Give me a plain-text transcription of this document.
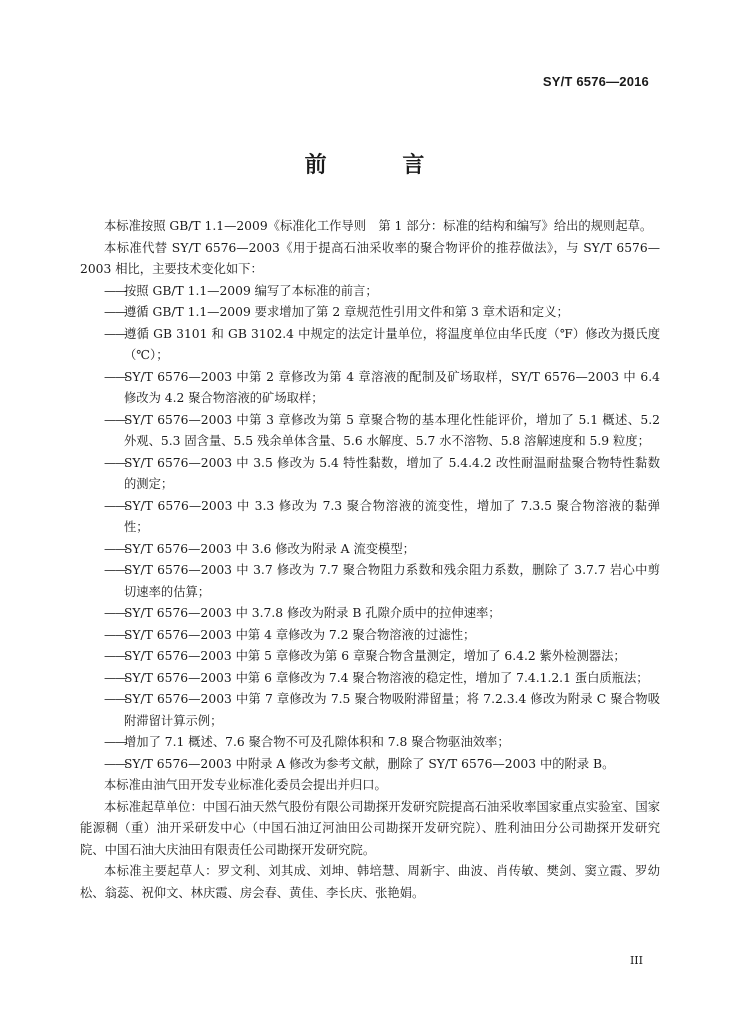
SY/T 6576—2016
前 言

本标准按照 GB/T 1.1—2009《标准化工作导则　第 1 部分：标准的结构和编写》给出的规则起草。

本标准代替 SY/T 6576—2003《用于提高石油采收率的聚合物评价的推荐做法》，与 SY/T 6576—2003 相比，主要技术变化如下：

——按照 GB/T 1.1—2009 编写了本标准的前言；

——遵循 GB/T 1.1—2009 要求增加了第 2 章规范性引用文件和第 3 章术语和定义；

——遵循 GB 3101 和 GB 3102.4 中规定的法定计量单位，将温度单位由华氏度（℉）修改为摄氏度（℃）；

——SY/T 6576—2003 中第 2 章修改为第 4 章溶液的配制及矿场取样，SY/T 6576—2003 中 6.4 修改为 4.2 聚合物溶液的矿场取样；

——SY/T 6576—2003 中第 3 章修改为第 5 章聚合物的基本理化性能评价，增加了 5.1 概述、5.2 外观、5.3 固含量、5.5 残余单体含量、5.6 水解度、5.7 水不溶物、5.8 溶解速度和 5.9 粒度；

——SY/T 6576—2003 中 3.5 修改为 5.4 特性黏数，增加了 5.4.4.2 改性耐温耐盐聚合物特性黏数的测定；

——SY/T 6576—2003 中 3.3 修改为 7.3 聚合物溶液的流变性，增加了 7.3.5 聚合物溶液的黏弹性；

——SY/T 6576—2003 中 3.6 修改为附录 A 流变模型；

——SY/T 6576—2003 中 3.7 修改为 7.7 聚合物阻力系数和残余阻力系数，删除了 3.7.7 岩心中剪切速率的估算；

——SY/T 6576—2003 中 3.7.8 修改为附录 B 孔隙介质中的拉伸速率；

——SY/T 6576—2003 中第 4 章修改为 7.2 聚合物溶液的过滤性；

——SY/T 6576—2003 中第 5 章修改为第 6 章聚合物含量测定，增加了 6.4.2 紫外检测器法；

——SY/T 6576—2003 中第 6 章修改为 7.4 聚合物溶液的稳定性，增加了 7.4.1.2.1 蛋白质瓶法；

——SY/T 6576—2003 中第 7 章修改为 7.5 聚合物吸附滞留量；将 7.2.3.4 修改为附录 C 聚合物吸附滞留计算示例；

——增加了 7.1 概述、7.6 聚合物不可及孔隙体积和 7.8 聚合物驱油效率；

——SY/T 6576—2003 中附录 A 修改为参考文献，删除了 SY/T 6576—2003 中的附录 B。

本标准由油气田开发专业标准化委员会提出并归口。

本标准起草单位：中国石油天然气股份有限公司勘探开发研究院提高石油采收率国家重点实验室、国家能源稠（重）油开采研发中心（中国石油辽河油田公司勘探开发研究院）、胜利油田分公司勘探开发研究院、中国石油大庆油田有限责任公司勘探开发研究院。

本标准主要起草人：罗文利、刘其成、刘坤、韩培慧、周新宇、曲波、肖传敏、樊剑、窦立霞、罗幼松、翁蕊、祝仰文、林庆霞、房会春、黄佳、李长庆、张艳娟。

III
